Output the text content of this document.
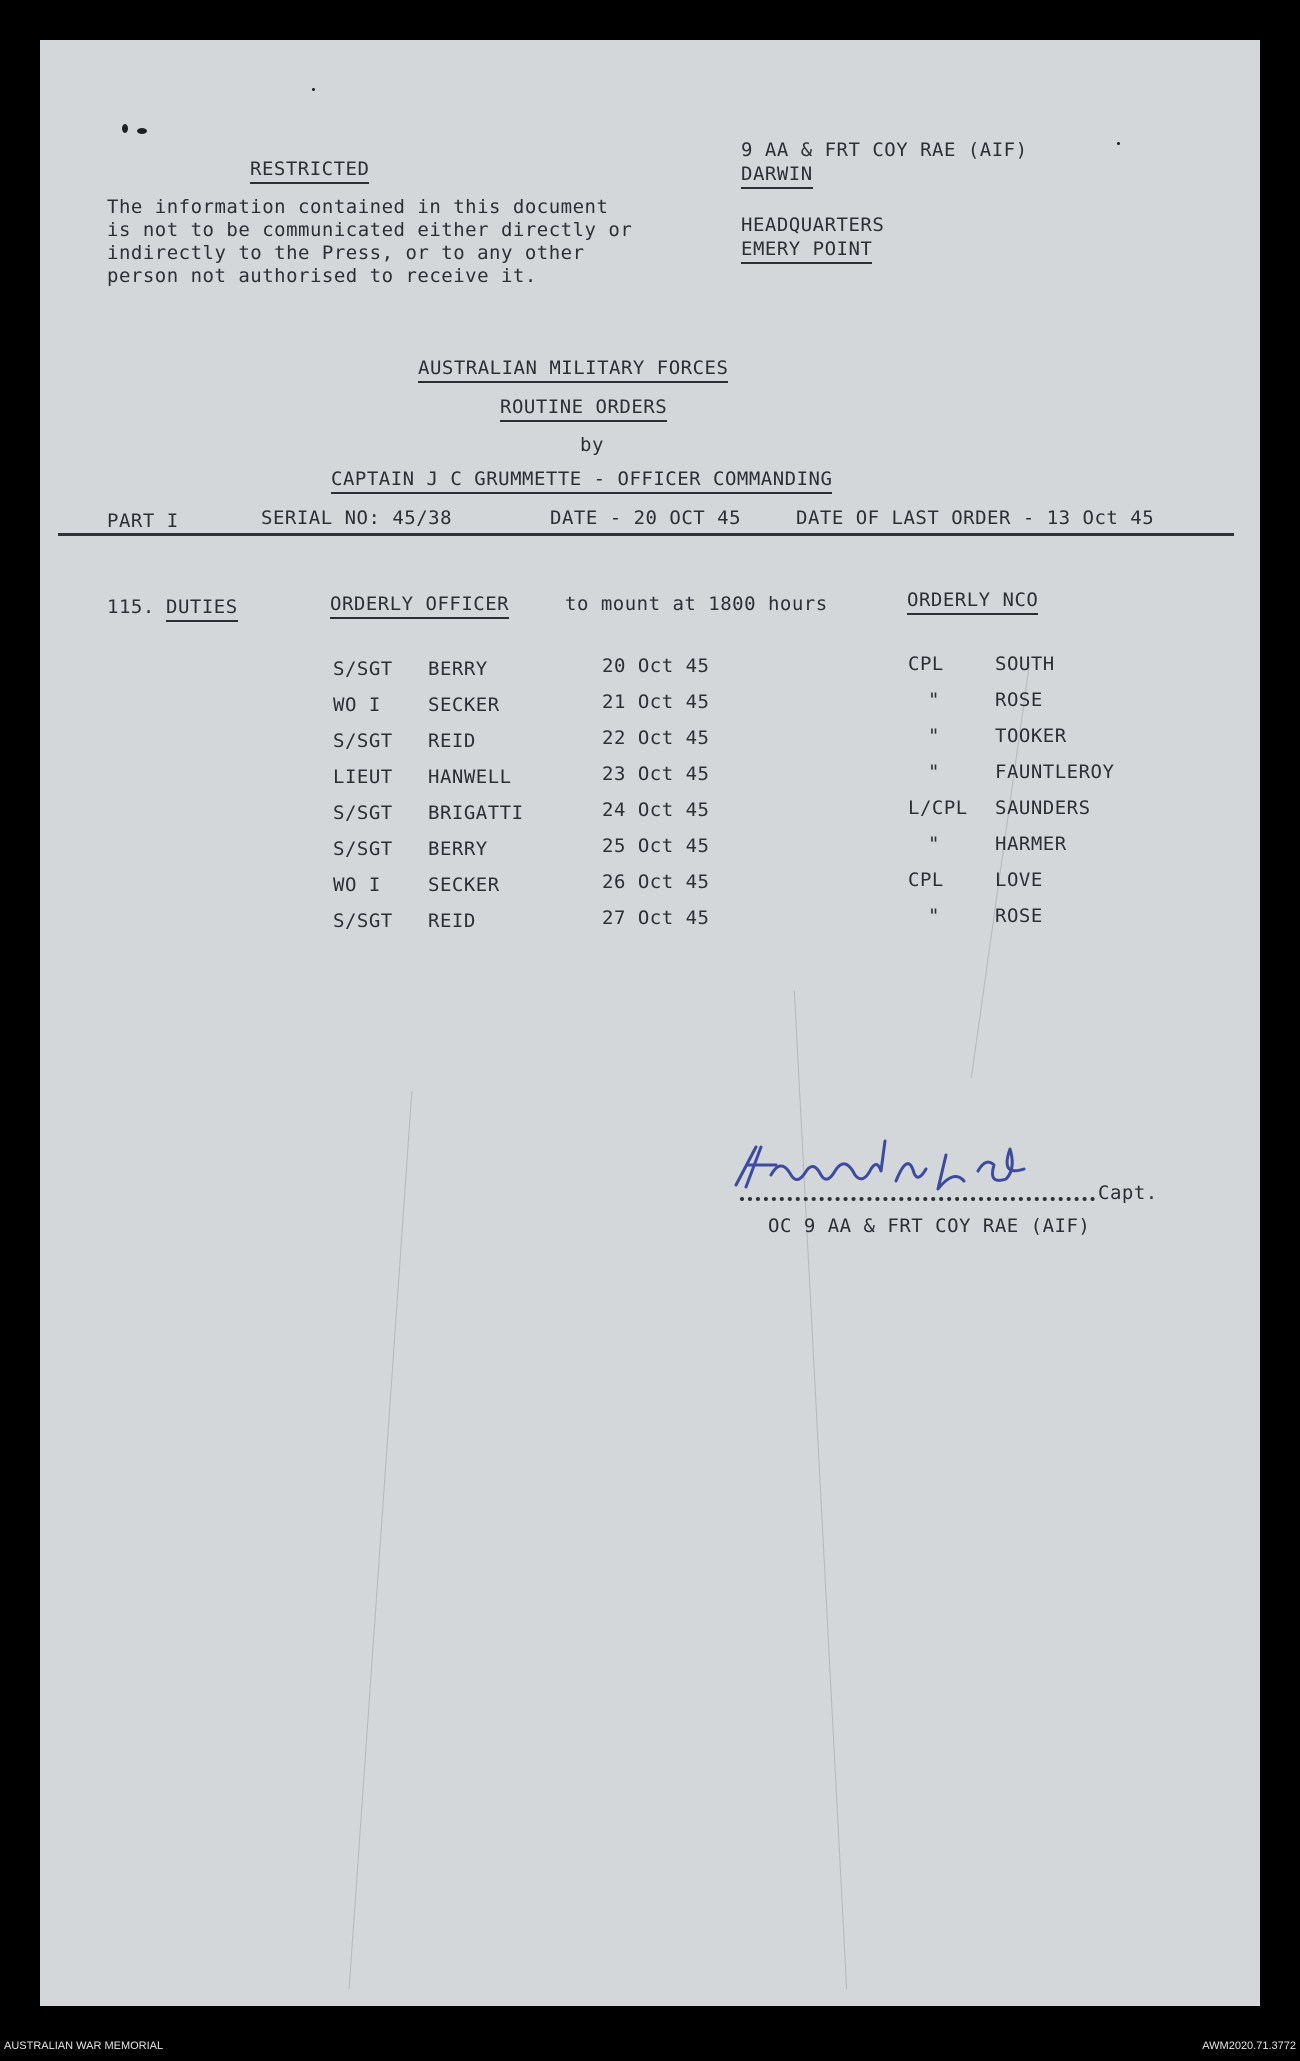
RESTRICTED
The information contained in this document
is not to be communicated either directly or
indirectly to the Press, or to any other
person not authorised to receive it.
9 AA & FRT COY RAE (AIF)
DARWIN
HEADQUARTERS
EMERY POINT
AUSTRALIAN MILITARY FORCES
ROUTINE ORDERS
by
CAPTAIN J C GRUMMETTE - OFFICER COMMANDING
PART I	SERIAL NO: 45/38	DATE - 20 OCT 45	DATE OF LAST ORDER - 13 Oct 45
115. DUTIES	ORDERLY OFFICER	to mount at 1800 hours	ORDERLY NCO
S/SGT BERRY	20 Oct 45	CPL	SOUTH
WO I SECKER	21 Oct 45	"	ROSE
S/SGT REID	22 Oct 45	"	TOOKER
LIEUT HANWELL	23 Oct 45	"	FAUNTLEROY
S/SGT BRIGATTI	24 Oct 45	L/CPL SAUNDERS
S/SGT BERRY	25 Oct 45	"	HARMER
WO I SECKER	26 Oct 45	CPL	LOVE
S/SGT REID	27 Oct 45	"	ROSE
Capt.
OC 9 AA & FRT COY RAE (AIF)
AUSTRALIAN WAR MEMORIAL	AWM2020.71.3772
